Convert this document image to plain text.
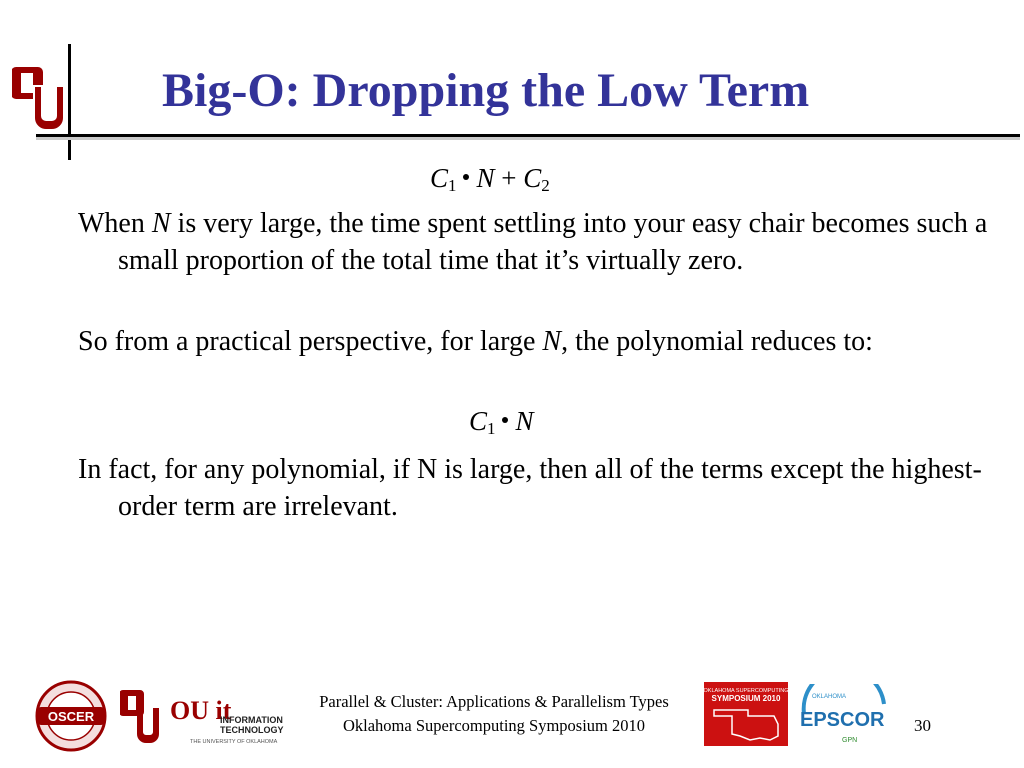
Big-O: Dropping the Low Term
$C_1$ $N + C_2$

When N is very large, the time spent settling into your easy chair becomes such a small proportion of the total time that it’s virtually zero.

So from a practical perspective, for large N, the polynomial reduces to:

$C_1$ N

In fact, for any polynomial, if N is large, then all of the terms except the highest-order term are irrelevant.

OSCER	OU it
INFORMATION
TECHNOLOGY
THE UNIVERSITY OF OKLAHOMA
Parallel & Cluster: Applications & Parallelism Types
Oklahoma Supercomputing Symposium 2010
OKLAHOMA SUPERCOMPUTING
SYMPOSIUM 2010	OKLAHOMA
EPSCOR
GPN
30
